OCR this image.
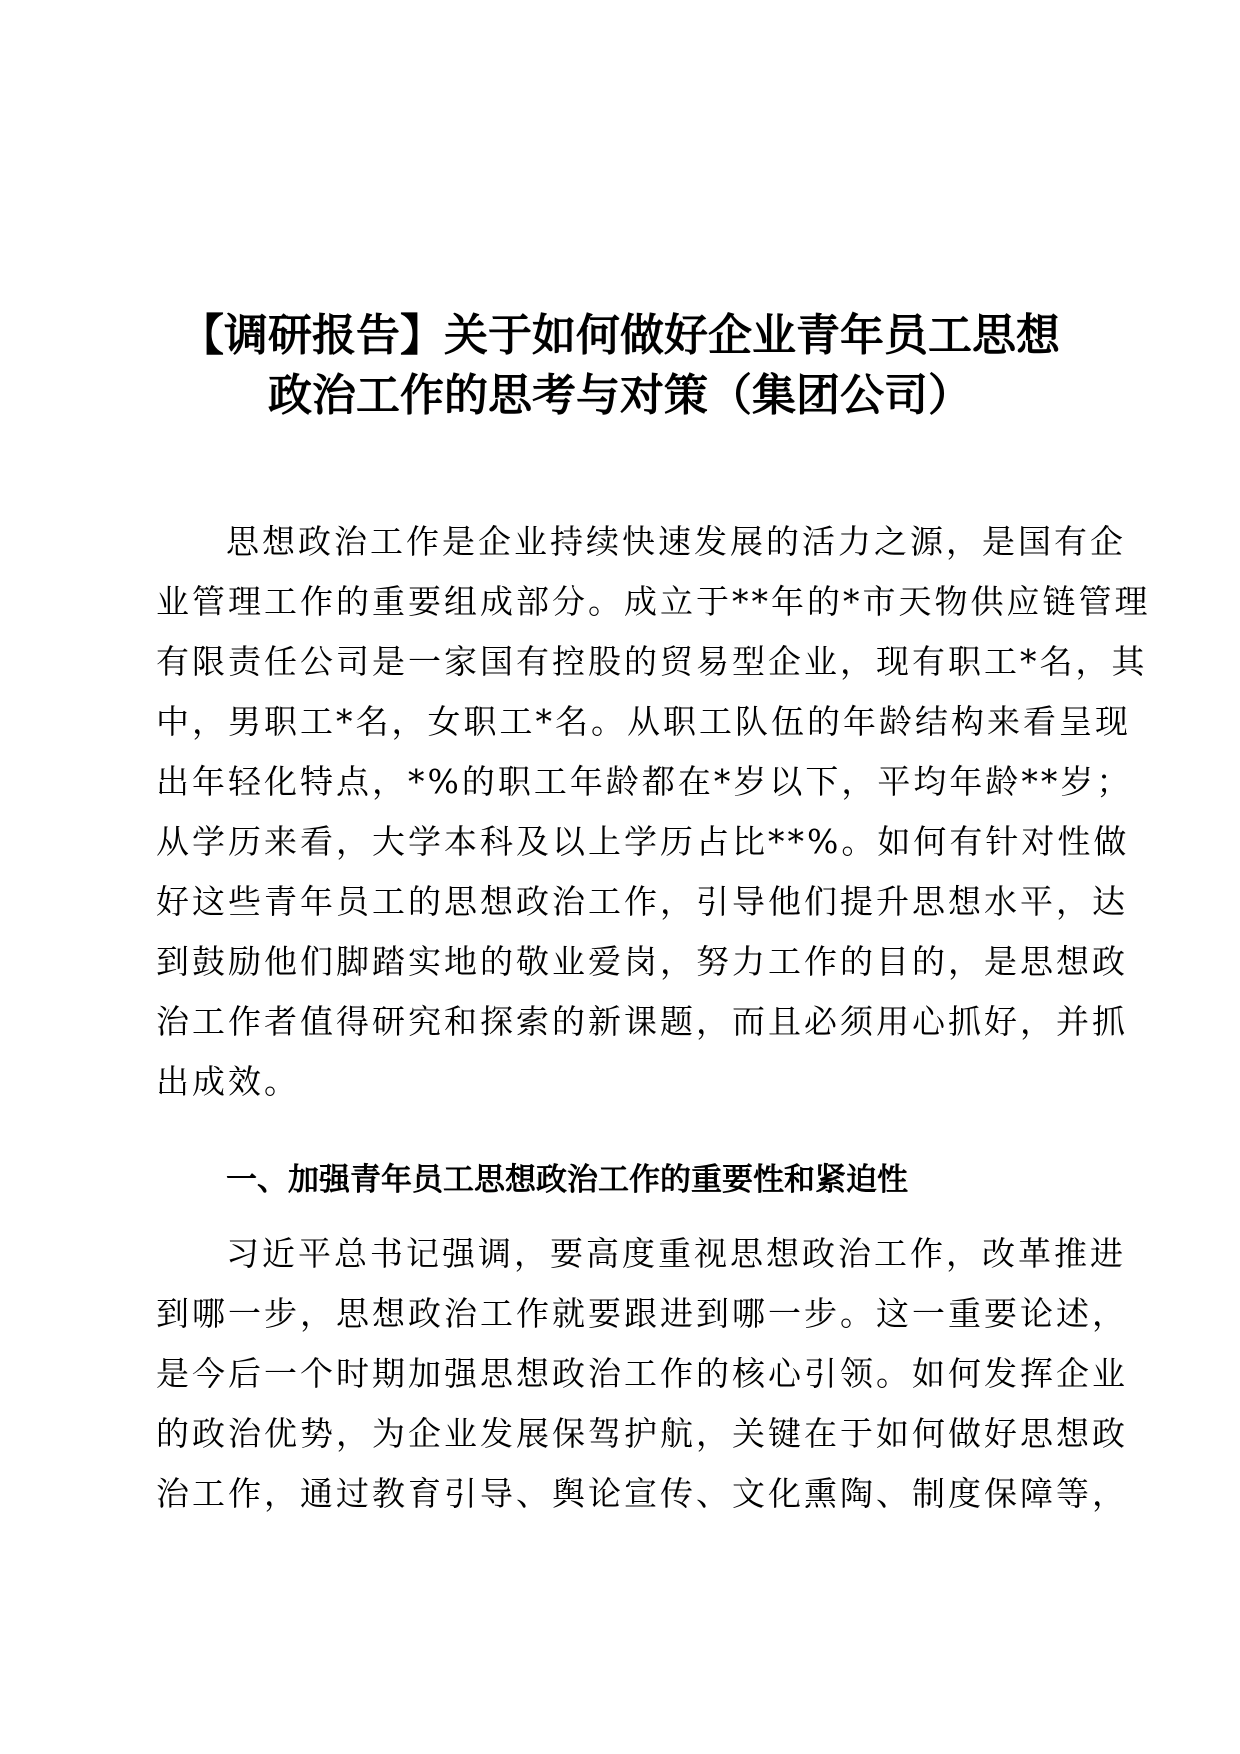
【调研报告】关于如何做好企业青年员工思想
政治工作的思考与对策（集团公司）
思想政治工作是企业持续快速发展的活力之源，是国有企
业管理工作的重要组成部分。成立于**年的*市天物供应链管理
有限责任公司是一家国有控股的贸易型企业，现有职工*名，其
中，男职工*名，女职工*名。从职工队伍的年龄结构来看呈现
出年轻化特点，*%的职工年龄都在*岁以下，平均年龄**岁；
从学历来看，大学本科及以上学历占比**%。如何有针对性做
好这些青年员工的思想政治工作，引导他们提升思想水平，达
到鼓励他们脚踏实地的敬业爱岗，努力工作的目的，是思想政
治工作者值得研究和探索的新课题，而且必须用心抓好，并抓
出成效。
一、加强青年员工思想政治工作的重要性和紧迫性
习近平总书记强调，要高度重视思想政治工作，改革推进
到哪一步，思想政治工作就要跟进到哪一步。这一重要论述，
是今后一个时期加强思想政治工作的核心引领。如何发挥企业
的政治优势，为企业发展保驾护航，关键在于如何做好思想政
治工作，通过教育引导、舆论宣传、文化熏陶、制度保障等，
